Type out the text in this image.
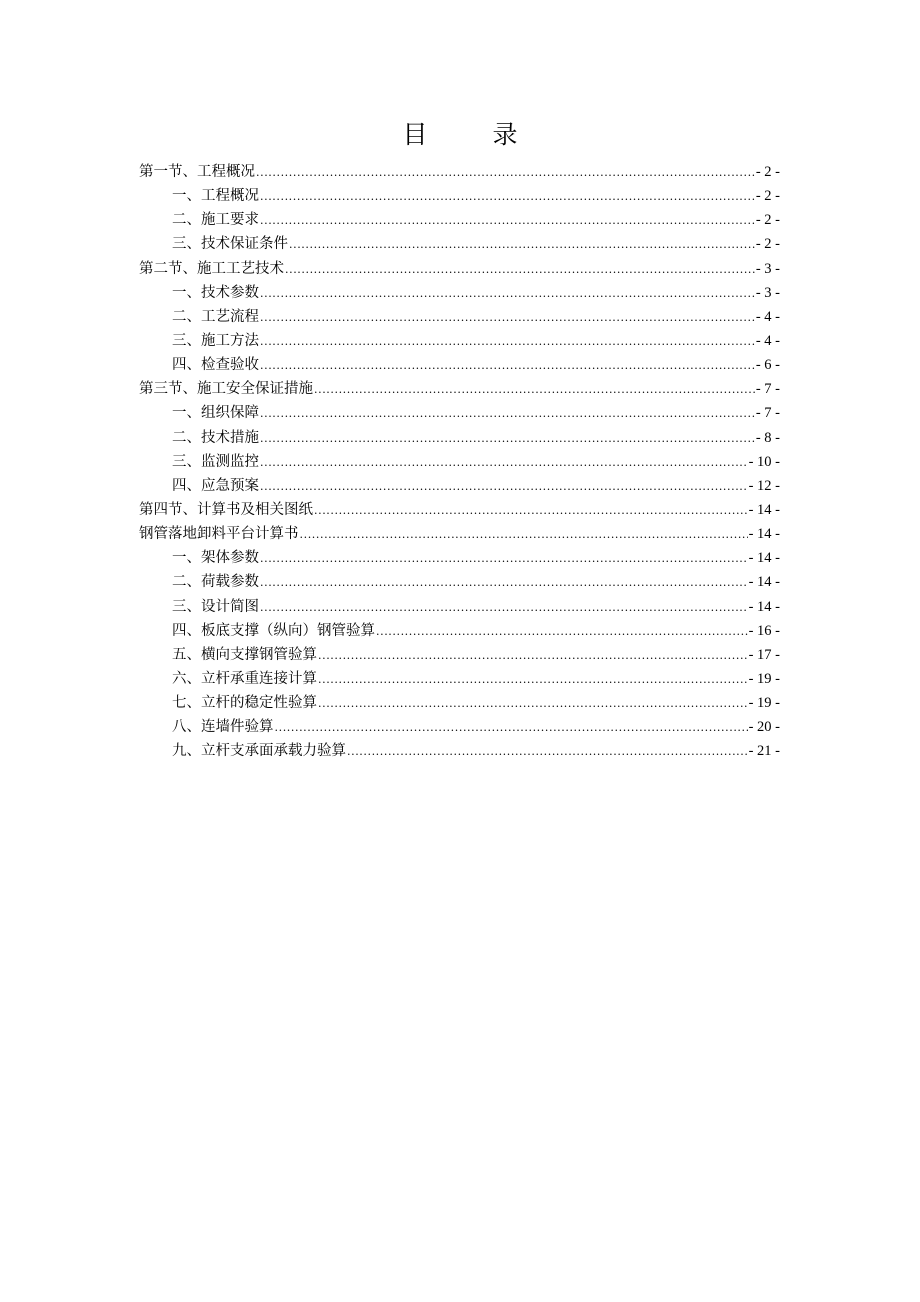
目　录
第一节、工程概况 .....	- 2 -
一、工程概况 .....	- 2 -
二、施工要求 .....	- 2 -
三、技术保证条件 .....	- 2 -
第二节、施工工艺技术 .....	- 3 -
一、技术参数 .....	- 3 -
二、工艺流程 .....	- 4 -
三、施工方法 .....	- 4 -
四、检查验收 .....	- 6 -
第三节、施工安全保证措施 .....	- 7 -
一、组织保障 .....	- 7 -
二、技术措施 .....	- 8 -
三、监测监控 .....	- 10 -
四、应急预案 .....	- 12 -
第四节、计算书及相关图纸 .....	- 14 -
钢管落地卸料平台计算书 .....	- 14 -
一、架体参数 .....	- 14 -
二、荷载参数 .....	- 14 -
三、设计简图 .....	- 14 -
四、板底支撑（纵向）钢管验算 .....	- 16 -
五、横向支撑钢管验算 .....	- 17 -
六、立杆承重连接计算 .....	- 19 -
七、立杆的稳定性验算 .....	- 19 -
八、连墙件验算 .....	- 20 -
九、立杆支承面承载力验算 .....	- 21 -
